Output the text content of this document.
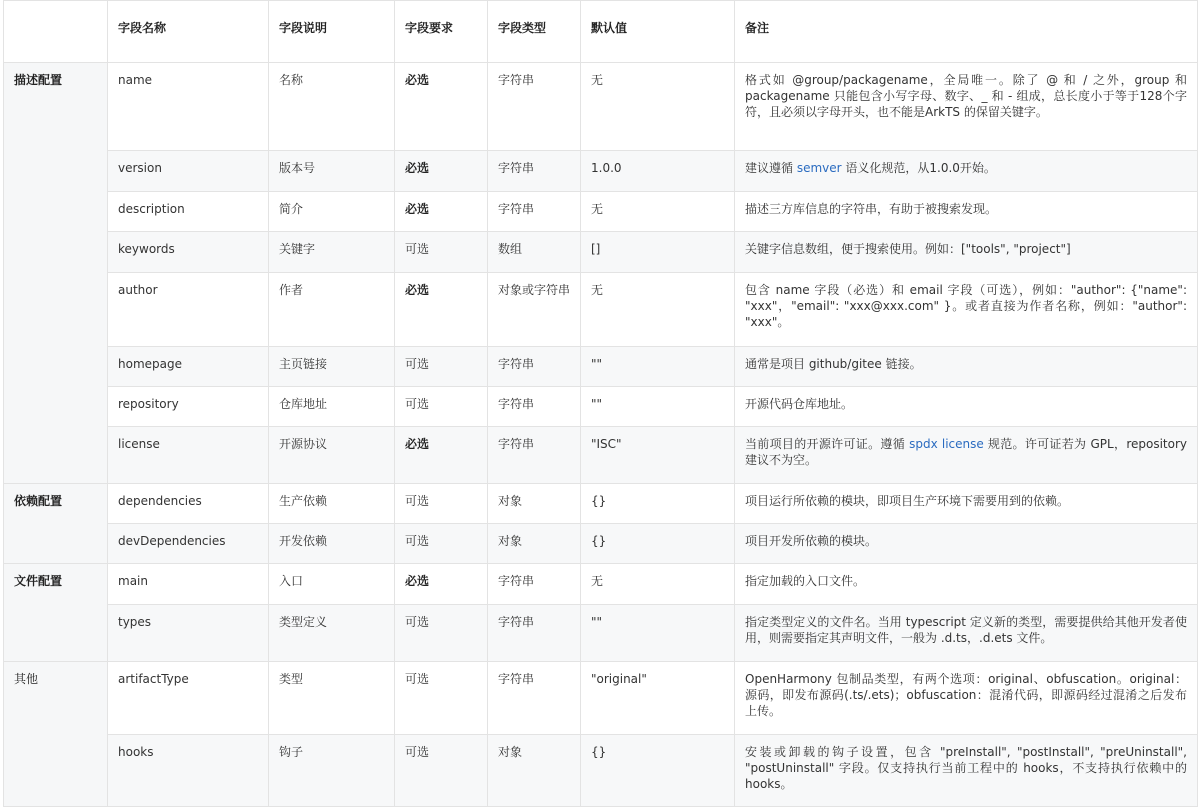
	字段名称	字段说明	字段要求	字段类型	默认值	备注
描述配置	name	名称	必选	字符串	无	格式如 @group/packagename，全局唯一。除了 @ 和 / 之外，group 和 packagename 只能包含小写字母、数字、_ 和 - 组成，总长度小于等于128个字符，且必须以字母开头，也不能是ArkTS 的保留关键字。
	version	版本号	必选	字符串	1.0.0	建议遵循 semver 语义化规范，从1.0.0开始。
	description	简介	必选	字符串	无	描述三方库信息的字符串，有助于被搜索发现。
	keywords	关键字	可选	数组	[]	关键字信息数组，便于搜索使用。例如：["tools", "project"]
	author	作者	必选	对象或字符串	无	包含 name 字段（必选）和 email 字段（可选），例如："author": {"name": "xxx"，"email": "xxx@xxx.com" }。或者直接为作者名称，例如："author": "xxx"。
	homepage	主页链接	可选	字符串	""	通常是项目 github/gitee 链接。
	repository	仓库地址	可选	字符串	""	开源代码仓库地址。
	license	开源协议	必选	字符串	"ISC"	当前项目的开源许可证。遵循 spdx license 规范。许可证若为 GPL，repository 建议不为空。
依赖配置	dependencies	生产依赖	可选	对象	{}	项目运行所依赖的模块，即项目生产环境下需要用到的依赖。
	devDependencies	开发依赖	可选	对象	{}	项目开发所依赖的模块。
文件配置	main	入口	必选	字符串	无	指定加载的入口文件。
	types	类型定义	可选	字符串	""	指定类型定义的文件名。当用 typescript 定义新的类型，需要提供给其他开发者使用，则需要指定其声明文件，一般为 .d.ts，.d.ets 文件。
其他	artifactType	类型	可选	字符串	"original"	OpenHarmony 包制品类型，有两个选项：original、obfuscation。original：源码，即发布源码(.ts/.ets)；obfuscation：混淆代码，即源码经过混淆之后发布上传。
	hooks	钩子	可选	对象	{}	安装或卸载的钩子设置，包含 "preInstall", "postInstall", "preUninstall", "postUninstall" 字段。仅支持执行当前工程中的 hooks，不支持执行依赖中的 hooks。
